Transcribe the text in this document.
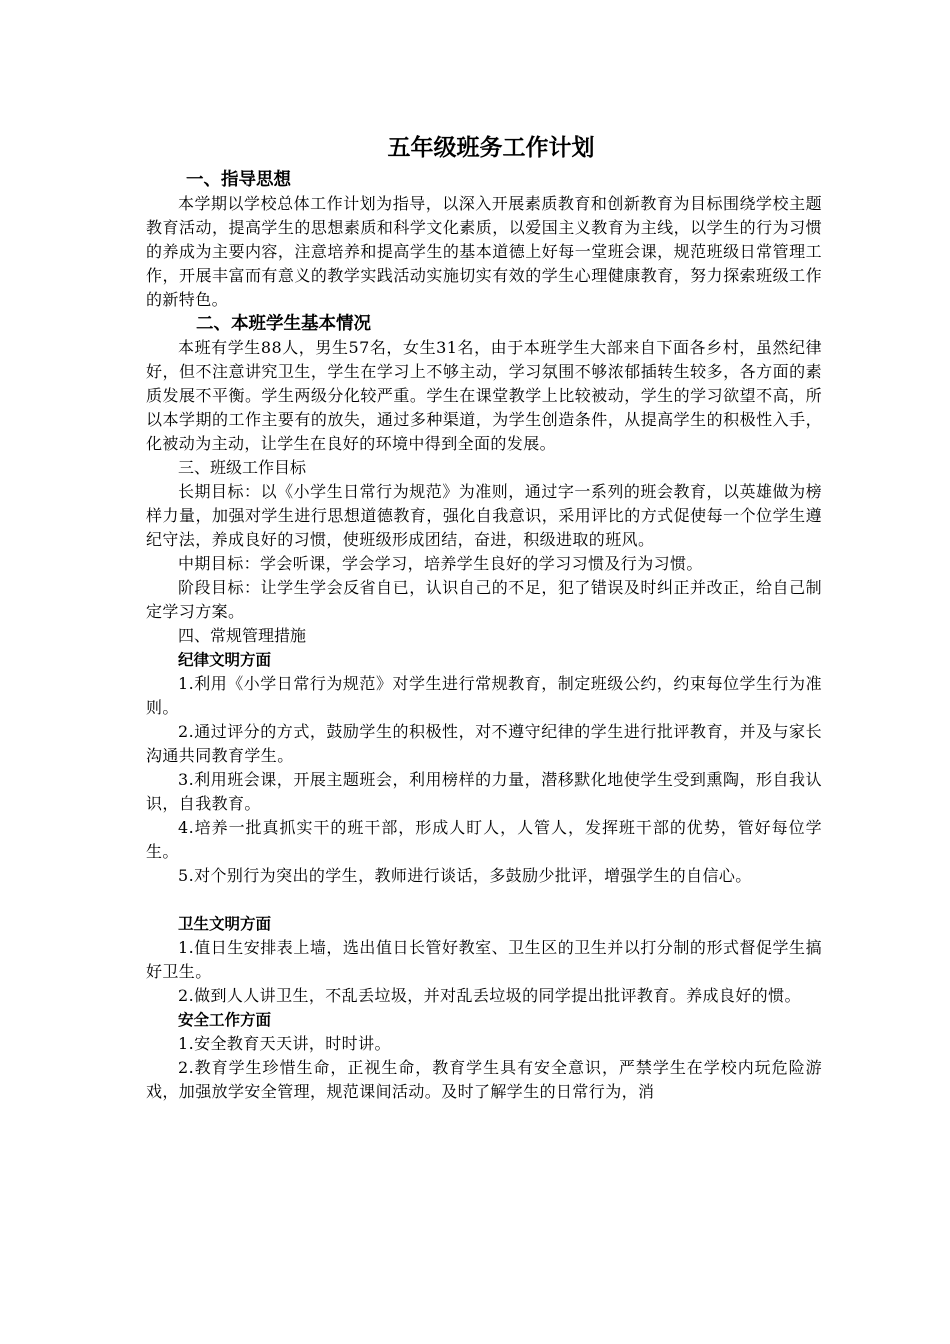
五年级班务工作计划

一、指导思想

本学期以学校总体工作计划为指导，以深入开展素质教育和创新教育为目标围绕学校主题教育活动，提高学生的思想素质和科学文化素质，以爱国主义教育为主线，以学生的行为习惯的养成为主要内容，注意培养和提高学生的基本道德上好每一堂班会课，规范班级日常管理工作，开展丰富而有意义的教学实践活动实施切实有效的学生心理健康教育，努力探索班级工作的新特色。

二、本班学生基本情况

本班有学生88人，男生57名，女生31名，由于本班学生大部来自下面各乡村，虽然纪律好，但不注意讲究卫生，学生在学习上不够主动，学习氛围不够浓郁插转生较多，各方面的素质发展不平衡。学生两级分化较严重。学生在课堂教学上比较被动，学生的学习欲望不高，所以本学期的工作主要有的放失，通过多种渠道，为学生创造条件，从提高学生的积极性入手，化被动为主动，让学生在良好的环境中得到全面的发展。

三、班级工作目标

长期目标：以《小学生日常行为规范》为准则，通过字一系列的班会教育，以英雄做为榜样力量，加强对学生进行思想道德教育，强化自我意识，采用评比的方式促使每一个位学生遵纪守法，养成良好的习惯，使班级形成团结，奋进，积级进取的班风。

中期目标：学会听课，学会学习，培养学生良好的学习习惯及行为习惯。

阶段目标：让学生学会反省自已，认识自己的不足，犯了错误及时纠正并改正，给自己制定学习方案。

四、常规管理措施

纪律文明方面

1.利用《小学日常行为规范》对学生进行常规教育，制定班级公约，约束每位学生行为准则。

2.通过评分的方式，鼓励学生的积极性，对不遵守纪律的学生进行批评教育，并及与家长沟通共同教育学生。

3.利用班会课，开展主题班会，利用榜样的力量，潜移默化地使学生受到熏陶，形自我认识，自我教育。

4.培养一批真抓实干的班干部，形成人盯人，人管人，发挥班干部的优势，管好每位学生。

5.对个别行为突出的学生，教师进行谈话，多鼓励少批评，增强学生的自信心。

卫生文明方面

1.值日生安排表上墙，选出值日长管好教室、卫生区的卫生并以打分制的形式督促学生搞好卫生。

2.做到人人讲卫生，不乱丢垃圾，并对乱丢垃圾的同学提出批评教育。养成良好的惯。

安全工作方面

1.安全教育天天讲，时时讲。

2.教育学生珍惜生命，正视生命，教育学生具有安全意识，严禁学生在学校内玩危险游戏，加强放学安全管理，规范课间活动。及时了解学生的日常行为，消
